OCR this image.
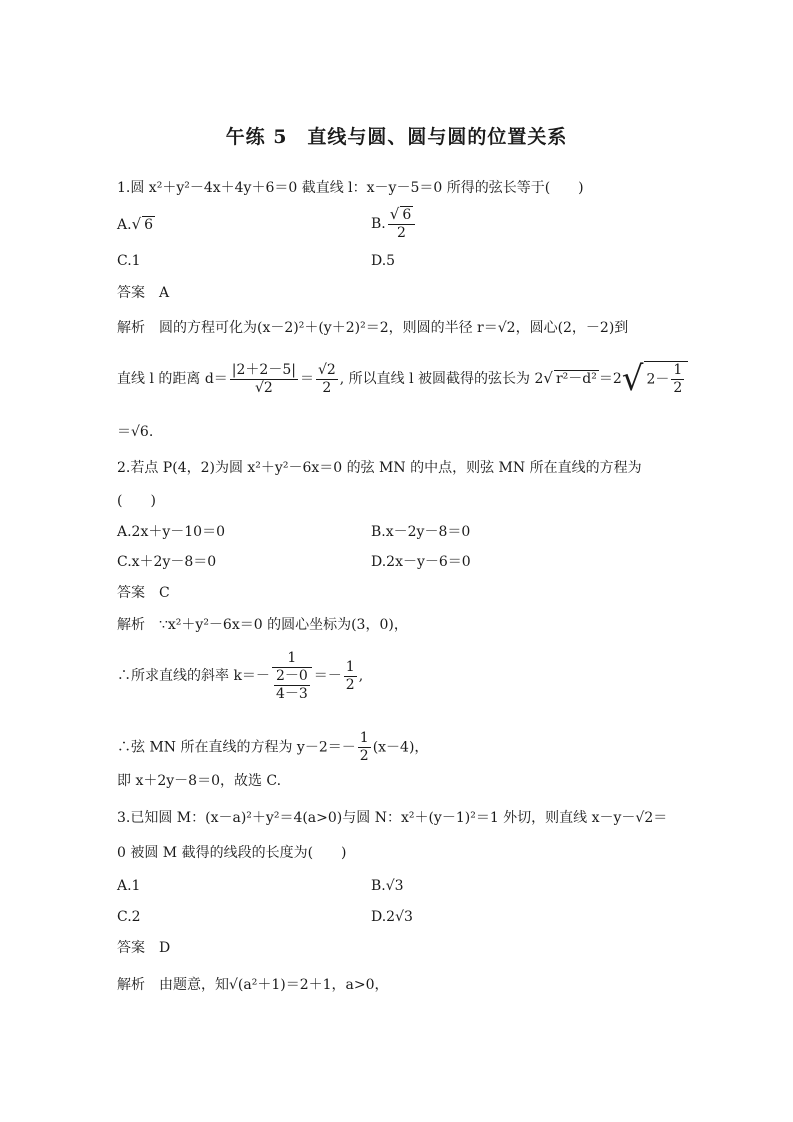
午练 5　直线与圆、圆与圆的位置关系
1.圆 x²＋y²－4x＋4y＋6＝0 截直线 l：x－y－5＝0 所得的弦长等于(　　)
A.√ 6	B. $\frac{√ 6}{2}$
C.1	D.5
答案 A
解析 圆的方程可化为(x－2)²＋(y＋2)²＝2，则圆的半径 r＝√2，圆心(2，－2)到
直线 l 的距离 $d= \frac{|2+2-5|}{√2} = \frac{√2}{2}$ , 所以直线 l 被圆截得的弦长为 2√ r²－d² ＝2√ $2- \frac{1}{2}$
＝√6.
2.若点 P(4，2)为圆 x²＋y²－6x＝0 的弦 MN 的中点，则弦 MN 所在直线的方程为
(　　)
A.2x＋y－10＝0	B.x－2y－8＝0
C.x＋2y－8＝0	D.2x－y－6＝0
答案 C
解析 ∵x²＋y²－6x＝0 的圆心坐标为(3，0)，
∴所求直线的斜率 $k=- \frac{1}{\frac{2-0}{4-3}} =- \frac{1}{2}$ ,
∴弦 MN 所在直线的方程为 $y-2=- \frac{1}{2} (x-4)$，
即 x＋2y－8＝0，故选 C.
3.已知圆 M：(x－a)²＋y²＝4(a>0)与圆 N：x²＋(y－1)²＝1 外切，则直线 x－y－√2＝
0 被圆 M 截得的线段的长度为(　　)
A.1	B.√3
C.2	D.2√3
答案 D
解析 由题意，知√(a²＋1)＝2＋1，a>0，
